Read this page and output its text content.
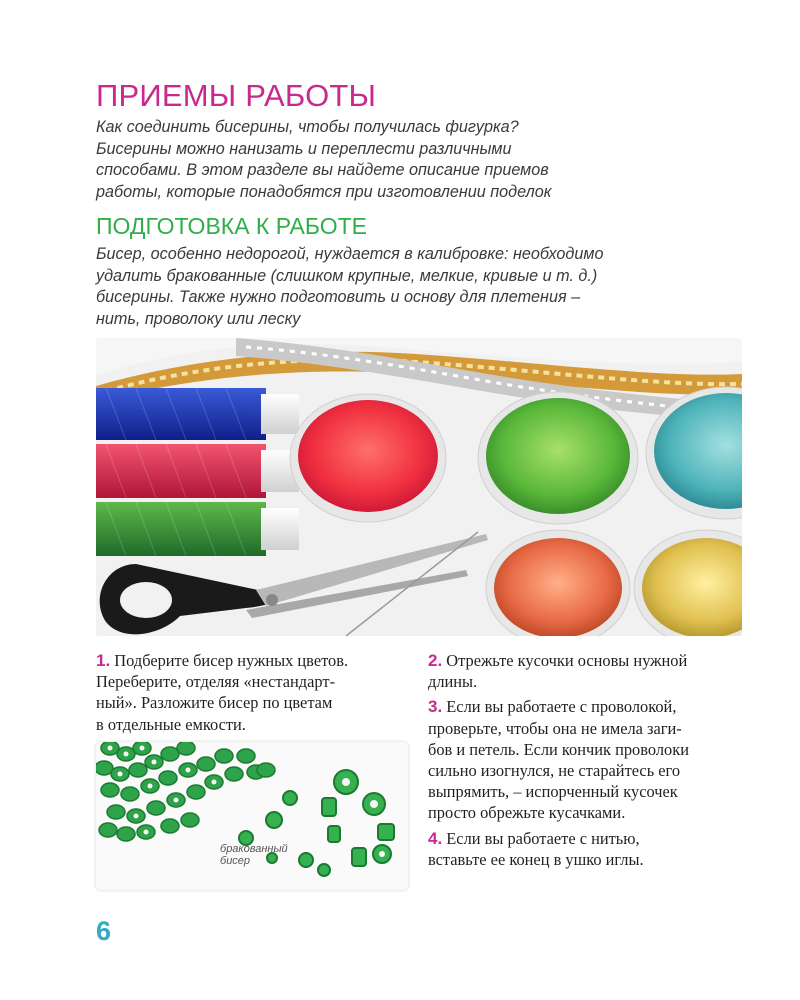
ПРИЕМЫ РАБОТЫ
Как соединить бисерины, чтобы получилась фигурка?
Бисерины можно нанизать и переплести различными
способами. В этом разделе вы найдете описание приемов
работы, которые понадобятся при изготовлении поделок
ПОДГОТОВКА К РАБОТЕ
Бисер, особенно недорогой, нуждается в калибровке: необходимо
удалить бракованные (слишком крупные, мелкие, кривые и т. д.)
бисерины. Также нужно подготовить и основу для плетения –
нить, проволоку или леску
1. Подберите бисер нужных цветов.
Переберите, отделяя «нестандарт-
ный». Разложите бисер по цветам
в отдельные емкости.
бракованный
бисер
2. Отрежьте кусочки основы нужной
длины.
3. Если вы работаете с проволокой,
проверьте, чтобы она не имела заги-
бов и петель. Если кончик проволоки
сильно изогнулся, не старайтесь его
выпрямить, – испорченный кусочек
просто обрежьте кусачками.
4. Если вы работаете с нитью,
вставьте ее конец в ушко иглы.
6
